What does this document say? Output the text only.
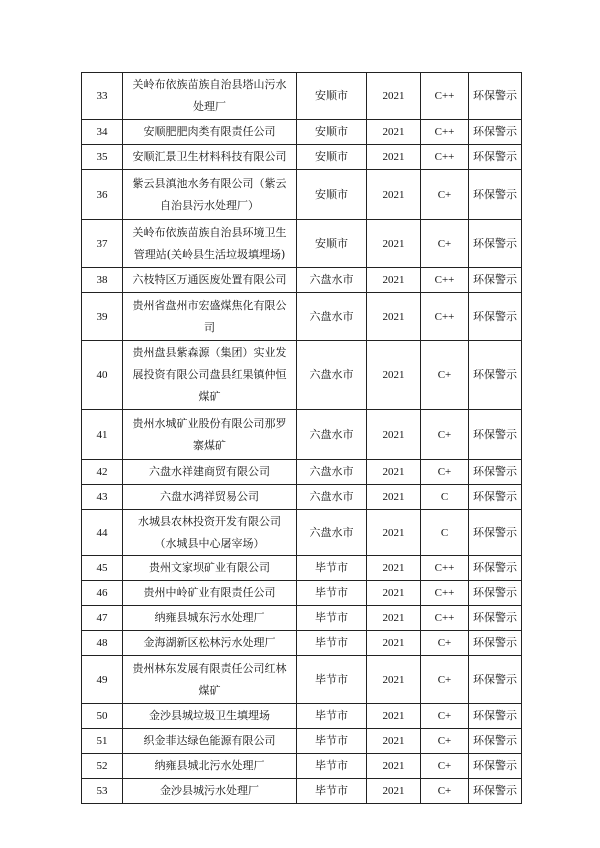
33	关岭布依族苗族自治县塔山污水处理厂	安顺市	2021	C++	环保警示
34	安顺肥肥肉类有限责任公司	安顺市	2021	C++	环保警示
35	安顺汇景卫生材料科技有限公司	安顺市	2021	C++	环保警示
36	紫云县滇池水务有限公司（紫云自治县污水处理厂）	安顺市	2021	C+	环保警示
37	关岭布依族苗族自治县环境卫生管理站(关岭县生活垃圾填埋场)	安顺市	2021	C+	环保警示
38	六枝特区万通医废处置有限公司	六盘水市	2021	C++	环保警示
39	贵州省盘州市宏盛煤焦化有限公司	六盘水市	2021	C++	环保警示
40	贵州盘县紫森源（集团）实业发展投资有限公司盘县红果镇仲恒煤矿	六盘水市	2021	C+	环保警示
41	贵州水城矿业股份有限公司那罗寨煤矿	六盘水市	2021	C+	环保警示
42	六盘水祥建商贸有限公司	六盘水市	2021	C+	环保警示
43	六盘水鸿祥贸易公司	六盘水市	2021	C	环保警示
44	水城县农林投资开发有限公司（水城县中心屠宰场）	六盘水市	2021	C	环保警示
45	贵州文家坝矿业有限公司	毕节市	2021	C++	环保警示
46	贵州中岭矿业有限责任公司	毕节市	2021	C++	环保警示
47	纳雍县城东污水处理厂	毕节市	2021	C++	环保警示
48	金海湖新区松林污水处理厂	毕节市	2021	C+	环保警示
49	贵州林东发展有限责任公司红林煤矿	毕节市	2021	C+	环保警示
50	金沙县城垃圾卫生填埋场	毕节市	2021	C+	环保警示
51	织金菲达绿色能源有限公司	毕节市	2021	C+	环保警示
52	纳雍县城北污水处理厂	毕节市	2021	C+	环保警示
53	金沙县城污水处理厂	毕节市	2021	C+	环保警示
